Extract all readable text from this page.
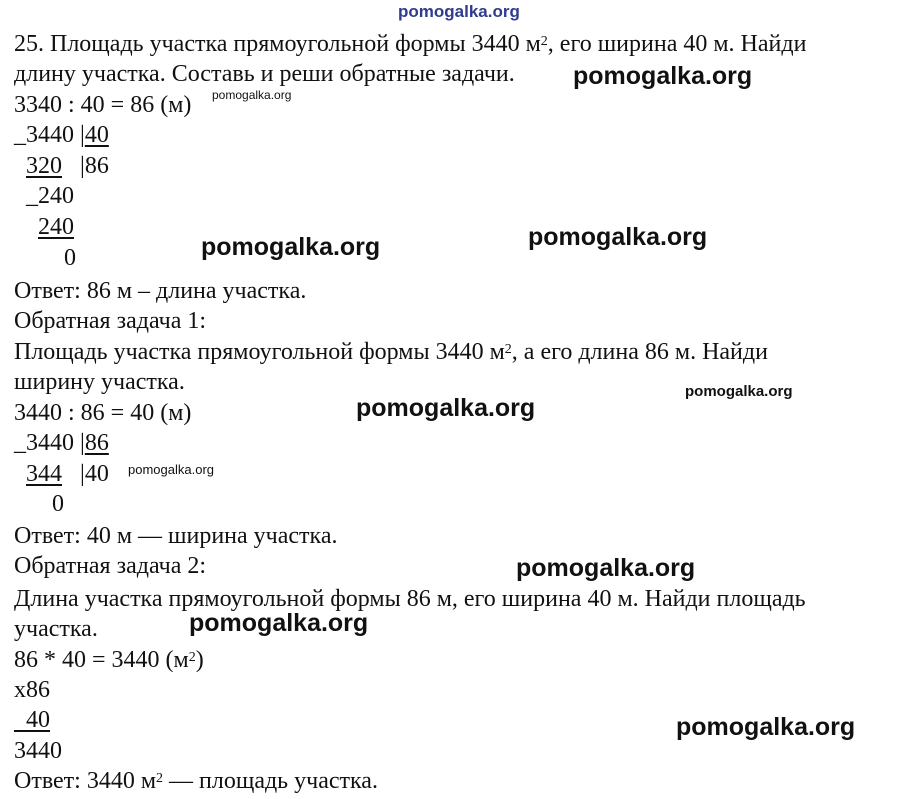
pomogalka.org
pomogalka.org
pomogalka.org
pomogalka.org
pomogalka.org
pomogalka.org
pomogalka.org
pomogalka.org
pomogalka.org
pomogalka.org
pomogalka.org
25. Площадь участка прямоугольной формы 3440 $м^2$, его ширина 40 м. Найди
длину участка. Составь и реши обратные задачи.
3340 : 40 = 86 (м)
_3440 |40
320   |86
_240
240
0
Ответ: 86 м – длина участка.
Обратная задача 1:
Площадь участка прямоугольной формы 3440 $м^2$, а его длина 86 м. Найди
ширину участка.
3440 : 86 = 40 (м)
_3440 |86
344   |40
0
Ответ: 40 м — ширина участка.
Обратная задача 2:
Длина участка прямоугольной формы 86 м, его ширина 40 м. Найди площадь
участка.
86 * 40 = 3440 $(м^2)$
x86
40
3440
Ответ: 3440 $м^2$ — площадь участка.
